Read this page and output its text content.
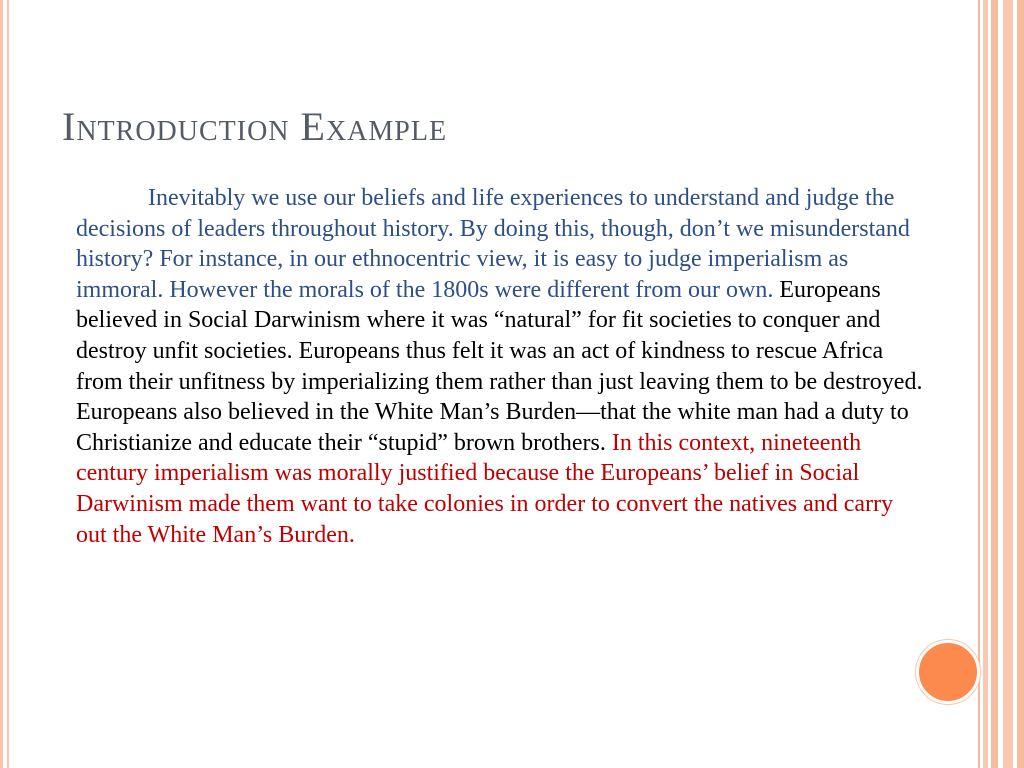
Introduction Example

Inevitably we use our beliefs and life experiences to understand and judge the decisions of leaders throughout history. By doing this, though, don’t we misunderstand history? For instance, in our ethnocentric view, it is easy to judge imperialism as immoral. However the morals of the 1800s were different from our own. Europeans believed in Social Darwinism where it was “natural” for fit societies to conquer and destroy unfit societies. Europeans thus felt it was an act of kindness to rescue Africa from their unfitness by imperializing them rather than just leaving them to be destroyed. Europeans also believed in the White Man’s Burden—that the white man had a duty to Christianize and educate their “stupid” brown brothers. In this context, nineteenth century imperialism was morally justified because the Europeans’ belief in Social Darwinism made them want to take colonies in order to convert the natives and carry out the White Man’s Burden.
